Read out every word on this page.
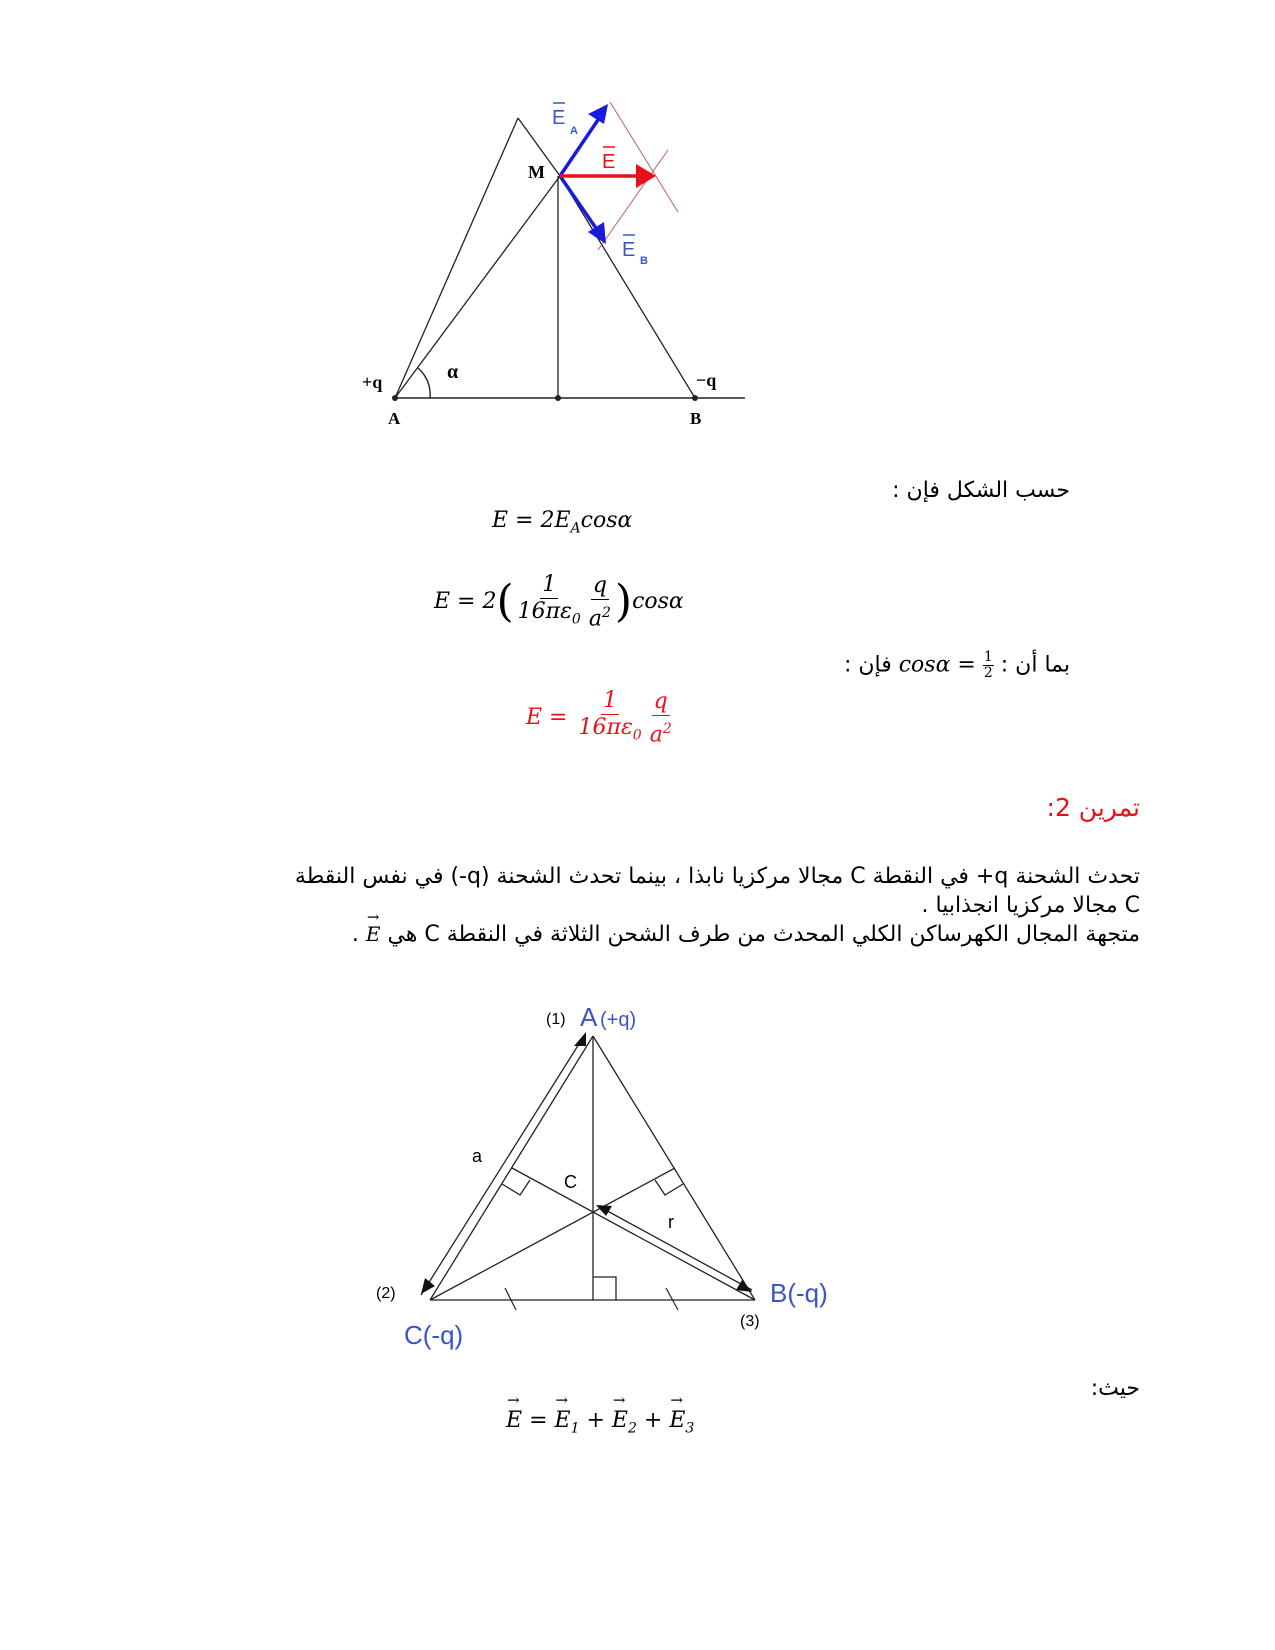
M
E
A
E
E B
+q	−q
α
A	B
حسب الشكل فإن :
$E = 2E_A\cos\alpha$
$E = 2( \frac{1}{16\pi\varepsilon_0} \frac{q}{a^2} )\cos\alpha$
بما أن : $\cos\alpha = \frac{1}{2}$
فإن :
$E = \frac{1}{16\pi\varepsilon_0} \frac{q}{a^2}$
تمرين 2:
تحدث الشحنة q+ في النقطة C مجالا مركزيا نابذا ، بينما تحدث الشحنة (q-) في نفس النقطة
C مجالا مركزيا انجذابيا .
متجهة المجال الكهرساكن الكلي المحدث من طرف الشحن الثلاثة في النقطة C هي → E .
(1) A (+q)
a
C
r
(2)
C(-q)
B(-q)
(3)
حيث:
→ E = → $E_1$ + → $E_2$ + → $E_3$
